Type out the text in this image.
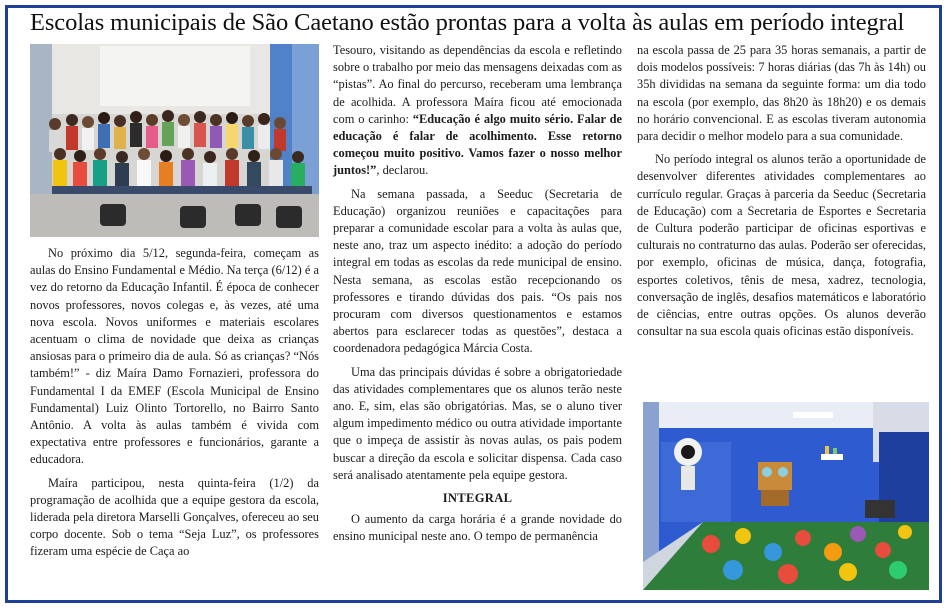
Escolas municipais de São Caetano estão prontas para a volta às aulas em período integral

No próximo dia 5/12, segunda-feira, começam as aulas do Ensino Fundamental e Médio. Na terça (6/12) é a vez do retorno da Educação Infantil. É época de conhecer novos professores, novos colegas e, às vezes, até uma nova escola. Novos uniformes e materiais escolares acentuam o clima de novidade que deixa as crianças ansiosas para o primeiro dia de aula. Só as crianças? “Nós também!” - diz Maíra Damo Fornazieri, professora do Fundamental I da EMEF (Escola Municipal de Ensino Fundamental) Luiz Olinto Tortorello, no Bairro Santo Antônio. A volta às aulas também é vivida com expectativa entre professores e funcionários, garante a educadora.

Maíra participou, nesta quinta-feira (1/2) da programação de acolhida que a equipe gestora da escola, liderada pela diretora Marselli Gonçalves, ofereceu ao seu corpo docente. Sob o tema “Seja Luz”, os professores fizeram uma espécie de Caça ao

Tesouro, visitando as dependências da escola e refletindo sobre o trabalho por meio das mensagens deixadas com as “pistas”. Ao final do percurso, receberam uma lembrança de acolhida. A professora Maíra ficou até emocionada com o carinho: “Educação é algo muito sério. Falar de educação é falar de acolhimento. Esse retorno começou muito positivo. Vamos fazer o nosso melhor juntos!”, declarou.

Na semana passada, a Seeduc (Secretaria de Educação) organizou reuniões e capacitações para preparar a comunidade escolar para a volta às aulas que, neste ano, traz um aspecto inédito: a adoção do período integral em todas as escolas da rede municipal de ensino. Nesta semana, as escolas estão recepcionando os professores e tirando dúvidas dos pais. “Os pais nos procuram com diversos questionamentos e estamos abertos para esclarecer todas as questões”, destaca a coordenadora pedagógica Márcia Costa.

Uma das principais dúvidas é sobre a obrigatoriedade das atividades complementares que os alunos terão neste ano. E, sim, elas são obrigatórias. Mas, se o aluno tiver algum impedimento médico ou outra atividade importante que o impeça de assistir às novas aulas, os pais podem buscar a direção da escola e solicitar dispensa. Cada caso será analisado atentamente pela equipe gestora.

INTEGRAL

O aumento da carga horária é a grande novidade do ensino municipal neste ano. O tempo de permanência

na escola passa de 25 para 35 horas semanais, a partir de dois modelos possíveis: 7 horas diárias (das 7h às 14h) ou 35h divididas na semana da seguinte forma: um dia todo na escola (por exemplo, das 8h20 às 18h20) e os demais no horário convencional. E as escolas tiveram autonomia para decidir o melhor modelo para a sua comunidade.

No período integral os alunos terão a oportunidade de desenvolver diferentes atividades complementares ao currículo regular. Graças à parceria da Seeduc (Secretaria de Educação) com a Secretaria de Esportes e Secretaria de Cultura poderão participar de oficinas esportivas e culturais no contraturno das aulas. Poderão ser oferecidas, por exemplo, oficinas de música, dança, fotografia, esportes coletivos, tênis de mesa, xadrez, tecnologia, conversação de inglês, desafios matemáticos e laboratório de ciências, entre outras opções. Os alunos deverão consultar na sua escola quais oficinas estão disponíveis.
